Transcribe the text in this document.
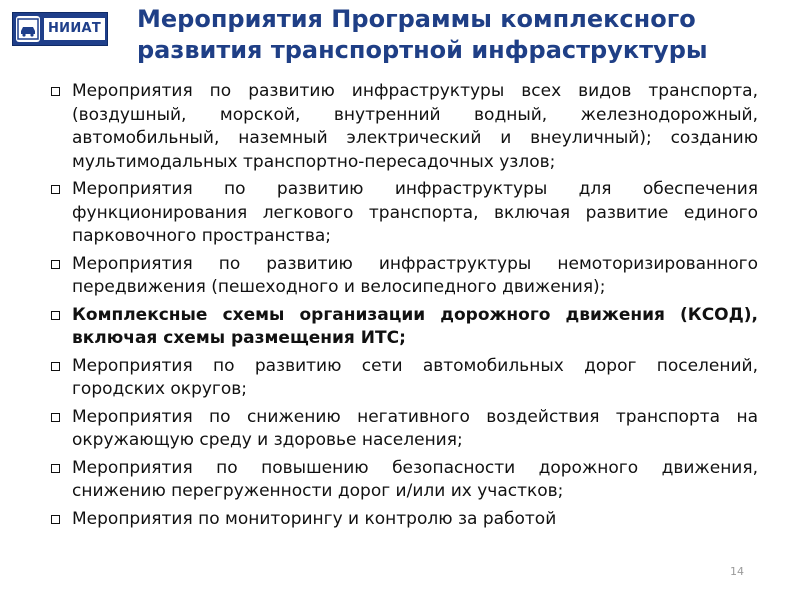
НИИАТ Мероприятия Программы комплексного развития транспортной инфраструктуры
Мероприятия по развитию инфраструктуры всех видов транспорта, (воздушный, морской, внутренний водный, железнодорожный, автомобильный, наземный электрический и внеуличный); созданию мультимодальных транспортно-пересадочных узлов;
Мероприятия по развитию инфраструктуры для обеспечения функционирования легкового транспорта, включая развитие единого парковочного пространства;
Мероприятия по развитию инфраструктуры немоторизированного передвижения (пешеходного и велосипедного движения);
Комплексные схемы организации дорожного движения (КСОД), включая схемы размещения ИТС;
Мероприятия по развитию сети автомобильных дорог поселений, городских округов;
Мероприятия по снижению негативного воздействия транспорта на окружающую среду и здоровье населения;
Мероприятия по повышению безопасности дорожного движения, снижению перегруженности дорог и/или их участков;
Мероприятия по мониторингу и контролю за работой
14
